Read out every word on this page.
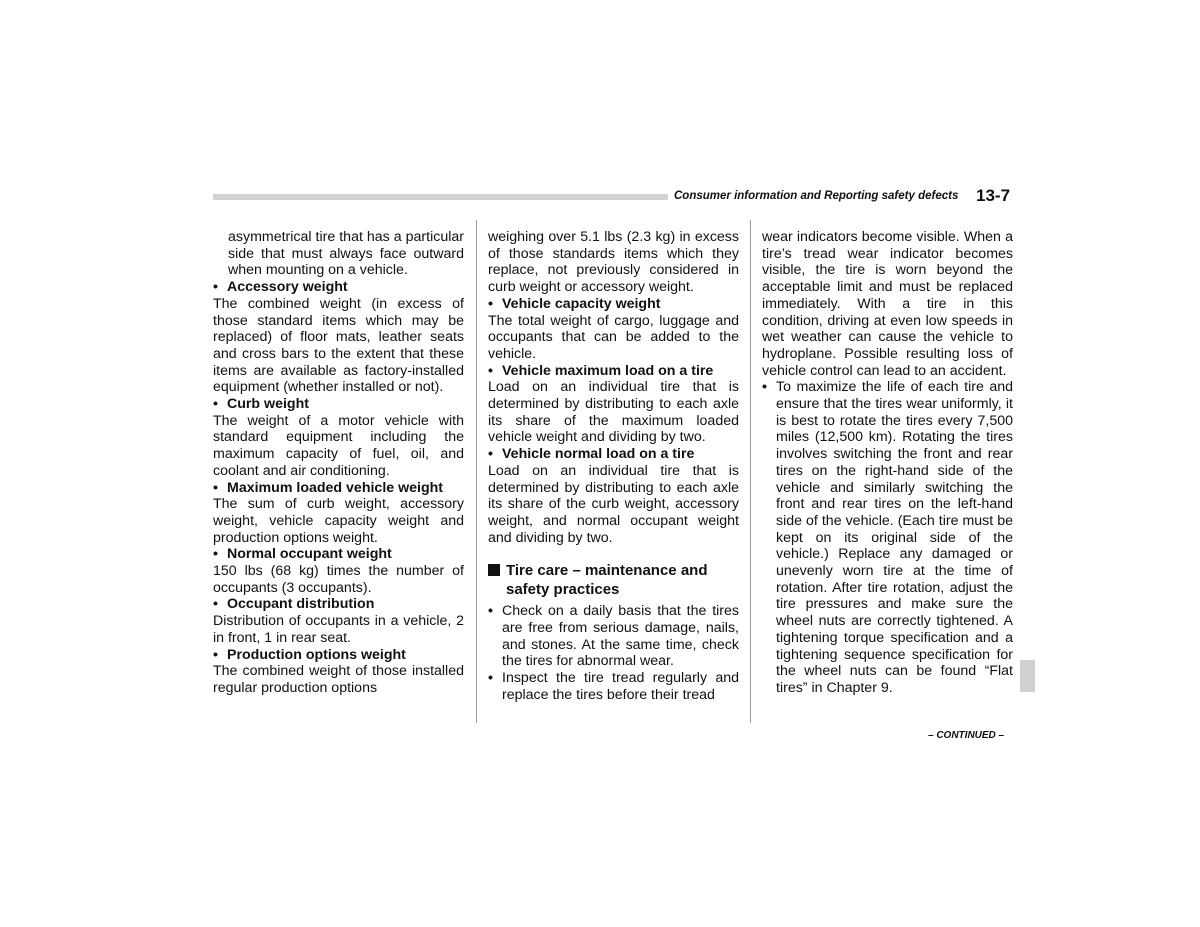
Consumer information and Reporting safety defects 13-7

asymmetrical tire that has a particular side that must always face outward when mounting on a vehicle.

• Accessory weight

The combined weight (in excess of those standard items which may be replaced) of floor mats, leather seats and cross bars to the extent that these items are available as factory-installed equipment (whether installed or not).

• Curb weight

The weight of a motor vehicle with standard equipment including the maximum capacity of fuel, oil, and coolant and air conditioning.

• Maximum loaded vehicle weight

The sum of curb weight, accessory weight, vehicle capacity weight and production options weight.

• Normal occupant weight

150 lbs (68 kg) times the number of occupants (3 occupants).

• Occupant distribution

Distribution of occupants in a vehicle, 2 in front, 1 in rear seat.

• Production options weight

The combined weight of those installed regular production options

weighing over 5.1 lbs (2.3 kg) in excess of those standards items which they replace, not previously considered in curb weight or accessory weight.

• Vehicle capacity weight

The total weight of cargo, luggage and occupants that can be added to the vehicle.

• Vehicle maximum load on a tire

Load on an individual tire that is determined by distributing to each axle its share of the maximum loaded vehicle weight and dividing by two.

• Vehicle normal load on a tire

Load on an individual tire that is determined by distributing to each axle its share of the curb weight, accessory weight, and normal occupant weight and dividing by two.

Tire care – maintenance and safety practices

• Check on a daily basis that the tires are free from serious damage, nails, and stones. At the same time, check the tires for abnormal wear.

• Inspect the tire tread regularly and replace the tires before their tread

wear indicators become visible. When a tire’s tread wear indicator becomes visible, the tire is worn beyond the acceptable limit and must be replaced immediately. With a tire in this condition, driving at even low speeds in wet weather can cause the vehicle to hydroplane. Possible resulting loss of vehicle control can lead to an accident.

• To maximize the life of each tire and ensure that the tires wear uniformly, it is best to rotate the tires every 7,500 miles (12,500 km). Rotating the tires involves switching the front and rear tires on the right-hand side of the vehicle and similarly switching the front and rear tires on the left-hand side of the vehicle. (Each tire must be kept on its original side of the vehicle.) Replace any damaged or unevenly worn tire at the time of rotation. After tire rotation, adjust the tire pressures and make sure the wheel nuts are correctly tightened. A tightening torque specification and a tightening sequence specification for the wheel nuts can be found “Flat tires” in Chapter 9.

– CONTINUED –
